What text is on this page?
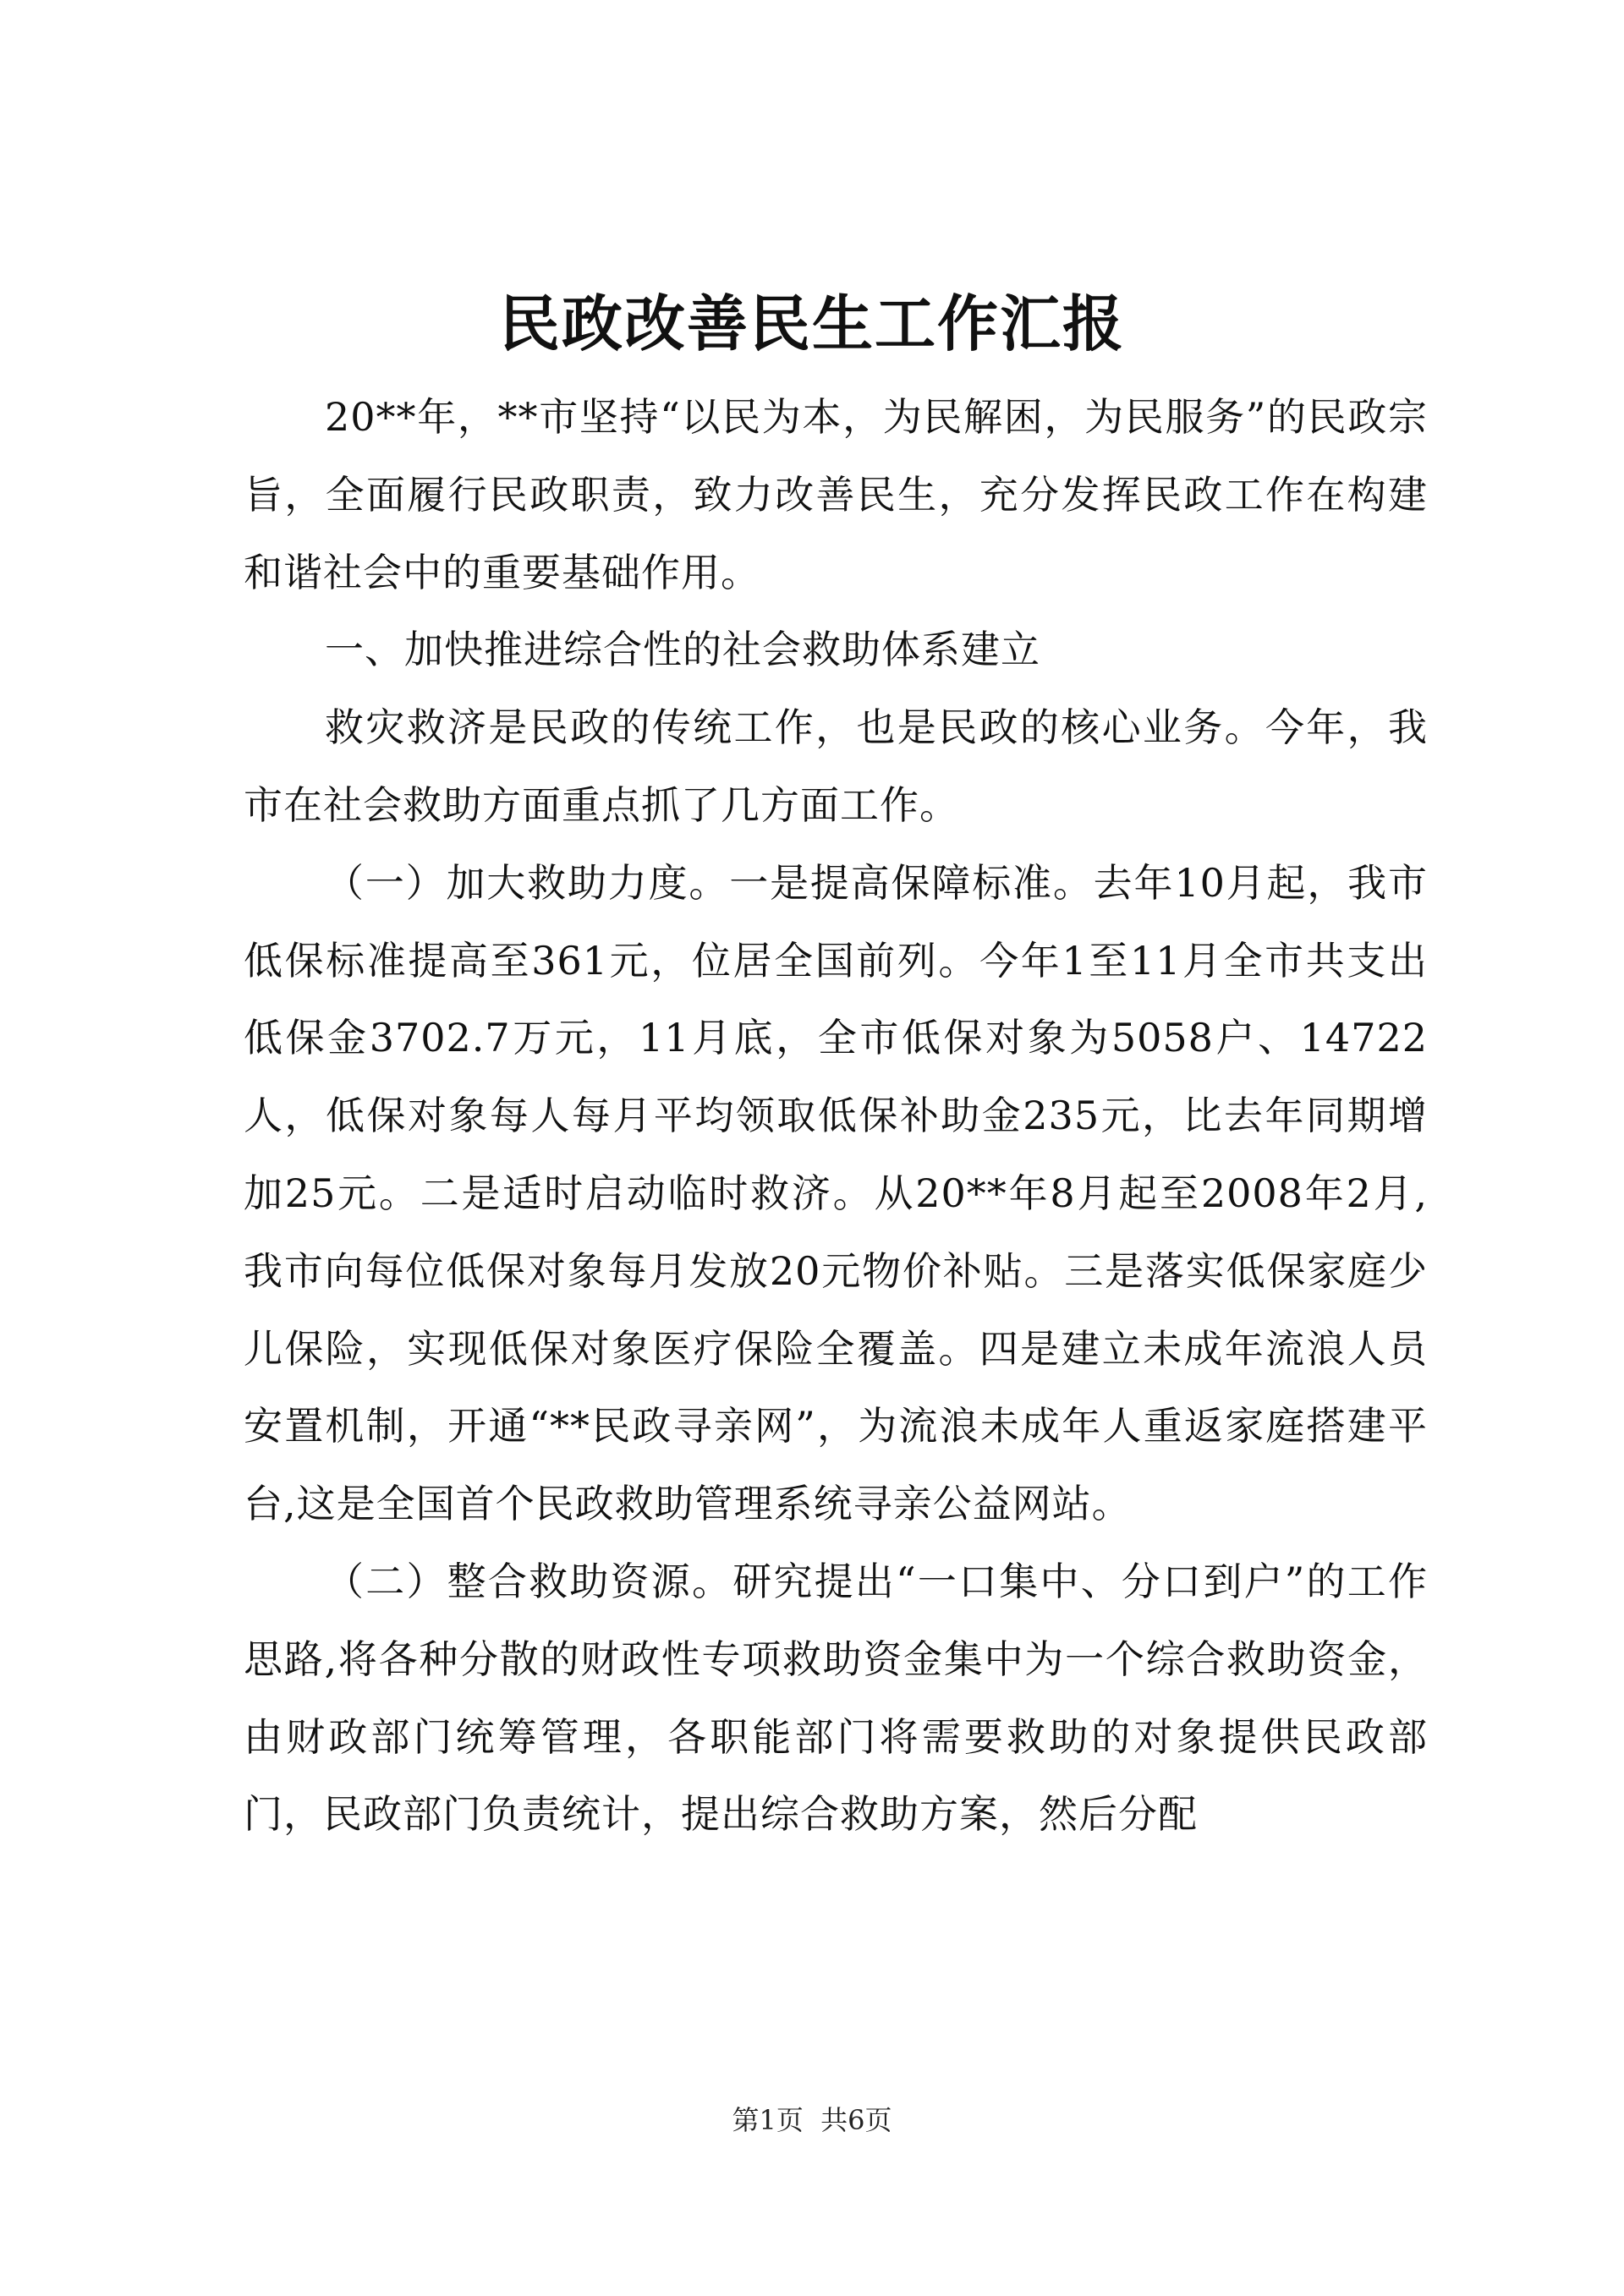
民政改善民生工作汇报

20**年，**市坚持“以民为本，为民解困，为民服务”的民政宗旨，全面履行民政职责，致力改善民生，充分发挥民政工作在构建和谐社会中的重要基础作用。

一、加快推进综合性的社会救助体系建立

救灾救济是民政的传统工作，也是民政的核心业务。今年，我市在社会救助方面重点抓了几方面工作。

（一）加大救助力度。一是提高保障标准。去年10月起，我市低保标准提高至361元，位居全国前列。今年1至11月全市共支出低保金3702.7万元，11月底，全市低保对象为5058户、14722人，低保对象每人每月平均领取低保补助金235元，比去年同期增加25元。二是适时启动临时救济。从20**年8月起至2008年2月,我市向每位低保对象每月发放20元物价补贴。三是落实低保家庭少儿保险，实现低保对象医疗保险全覆盖。四是建立未成年流浪人员安置机制，开通“**民政寻亲网”，为流浪未成年人重返家庭搭建平台,这是全国首个民政救助管理系统寻亲公益网站。

（二）整合救助资源。研究提出“一口集中、分口到户”的工作思路,将各种分散的财政性专项救助资金集中为一个综合救助资金，由财政部门统筹管理，各职能部门将需要救助的对象提供民政部门，民政部门负责统计，提出综合救助方案，然后分配

第1页 共6页
